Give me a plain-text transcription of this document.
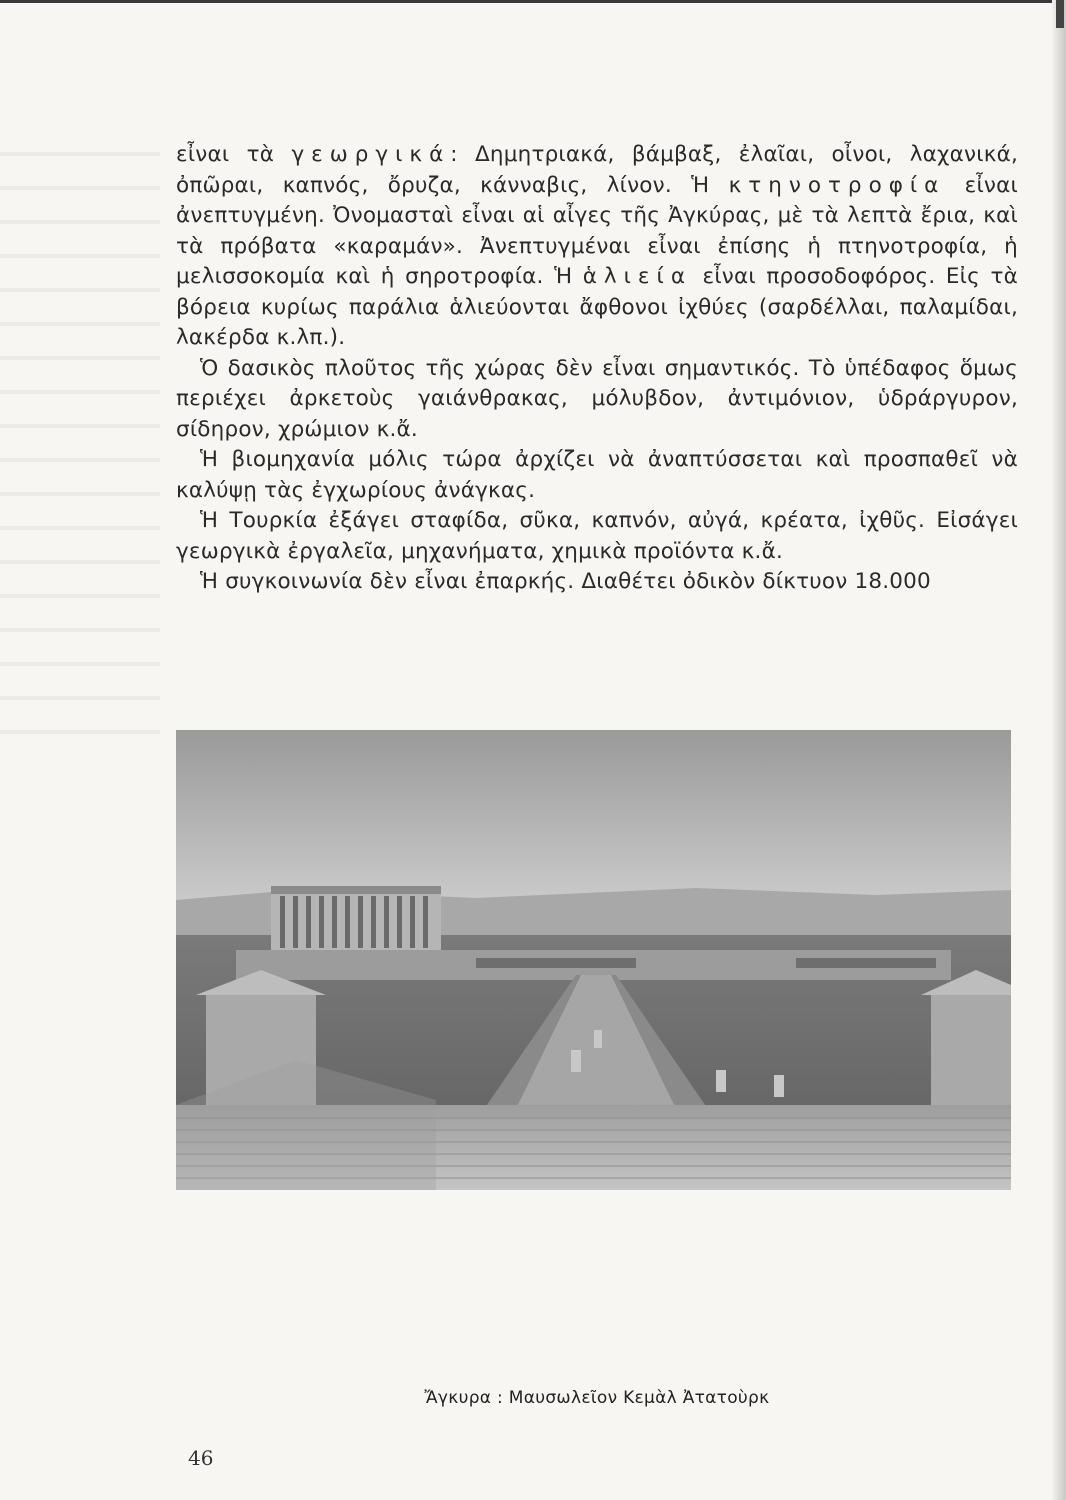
εἶναι τὰ γεωργικά: Δημητριακά, βάμβαξ, ἐλαῖαι, οἶνοι, λαχανικά, ὀπῶραι, καπνός, ὄρυζα, κάνναβις, λίνον. Ἡ κτηνοτροφία εἶναι ἀνεπτυγμένη. Ὀνομασταὶ εἶναι αἱ αἶγες τῆς Ἀγκύρας, μὲ τὰ λεπτὰ ἔρια, καὶ τὰ πρόβατα «καραμάν». Ἀνεπτυγμέναι εἶναι ἐπίσης ἡ πτηνοτροφία, ἡ μελισσοκομία καὶ ἡ σηροτροφία. Ἡ ἁλιεία εἶναι προσοδοφόρος. Εἰς τὰ βόρεια κυρίως παράλια ἁλιεύονται ἄφθονοι ἰχθύες (σαρδέλλαι, παλαμίδαι, λακέρδα κ.λπ.).

Ὁ δασικὸς πλοῦτος τῆς χώρας δὲν εἶναι σημαντικός. Τὸ ὑπέδαφος ὅμως περιέχει ἀρκετοὺς γαιάνθρακας, μόλυβδον, ἀντιμόνιον, ὑδράργυρον, σίδηρον, χρώμιον κ.ἄ.

Ἡ βιομηχανία μόλις τώρα ἀρχίζει νὰ ἀναπτύσσεται καὶ προσπαθεῖ νὰ καλύψῃ τὰς ἐγχωρίους ἀνάγκας.

Ἡ Τουρκία ἐξάγει σταφίδα, σῦκα, καπνόν, αὐγά, κρέατα, ἰχθῦς. Εἰσάγει γεωργικὰ ἐργαλεῖα, μηχανήματα, χημικὰ προϊόντα κ.ἄ.

Ἡ συγκοινωνία δὲν εἶναι ἐπαρκής. Διαθέτει ὀδικὸν δίκτυον 18.000

Ἄγκυρα : Μαυσωλεῖον Κεμὰλ Ἀτατοὺρκ
46
